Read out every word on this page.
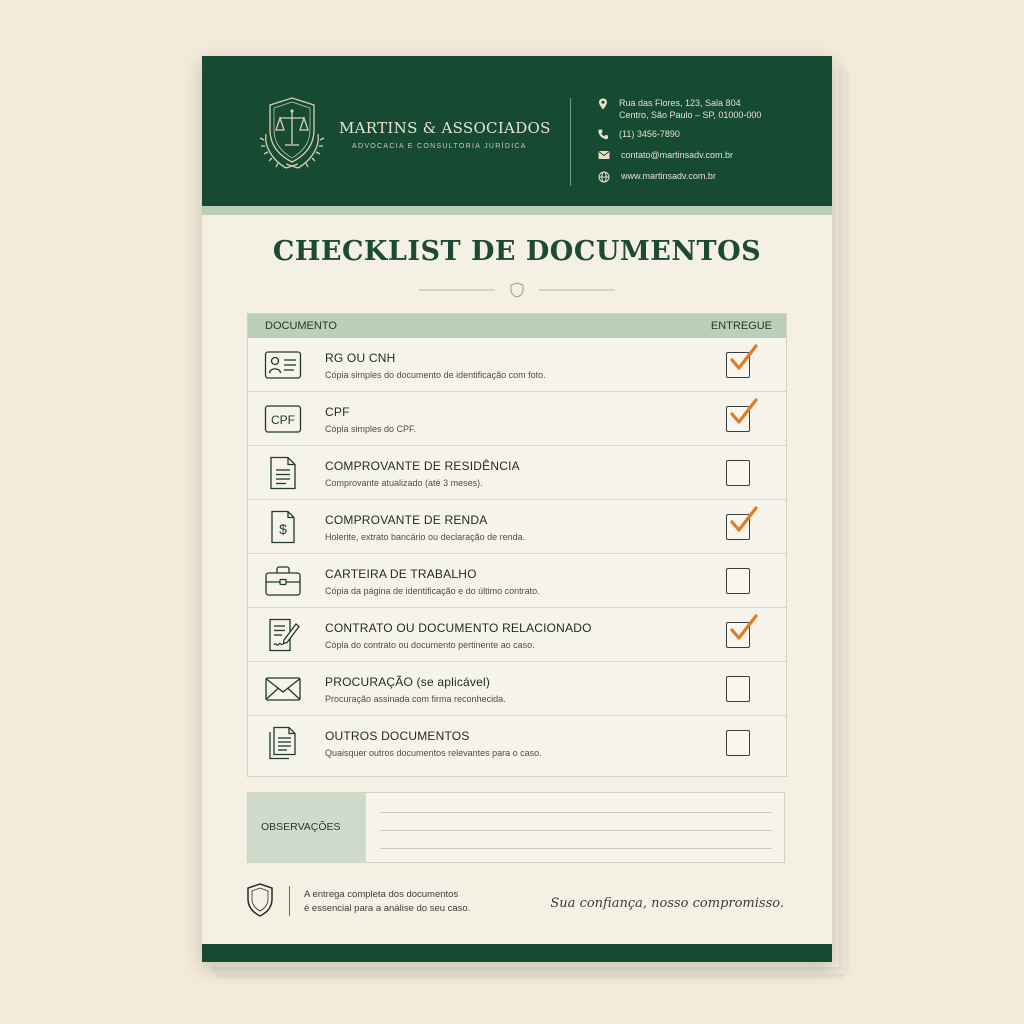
MARTINS & ASSOCIADOS
ADVOCACIA E CONSULTORIA JURÍDICA
Rua das Flores, 123, Sala 804
Centro, São Paulo – SP, 01000-000
(11) 3456-7890
contato@martinsadv.com.br
www.martinsadv.com.br
CHECKLIST DE DOCUMENTOS
DOCUMENTO	ENTREGUE
RG OU CNH
Cópia simples do documento de identificação com foto.
CPF
CPF
Cópia simples do CPF.
COMPROVANTE DE RESIDÊNCIA
Comprovante atualizado (até 3 meses).
$
COMPROVANTE DE RENDA
Holerite, extrato bancário ou declaração de renda.
CARTEIRA DE TRABALHO
Cópia da página de identificação e do último contrato.
CONTRATO OU DOCUMENTO RELACIONADO
Cópia do contrato ou documento pertinente ao caso.
PROCURAÇÃO (se aplicável)
Procuração assinada com firma reconhecida.
OUTROS DOCUMENTOS
Quaisquer outros documentos relevantes para o caso.
OBSERVAÇÕES
A entrega completa dos documentos
é essencial para a análise do seu caso.	Sua confiança, nosso compromisso.
